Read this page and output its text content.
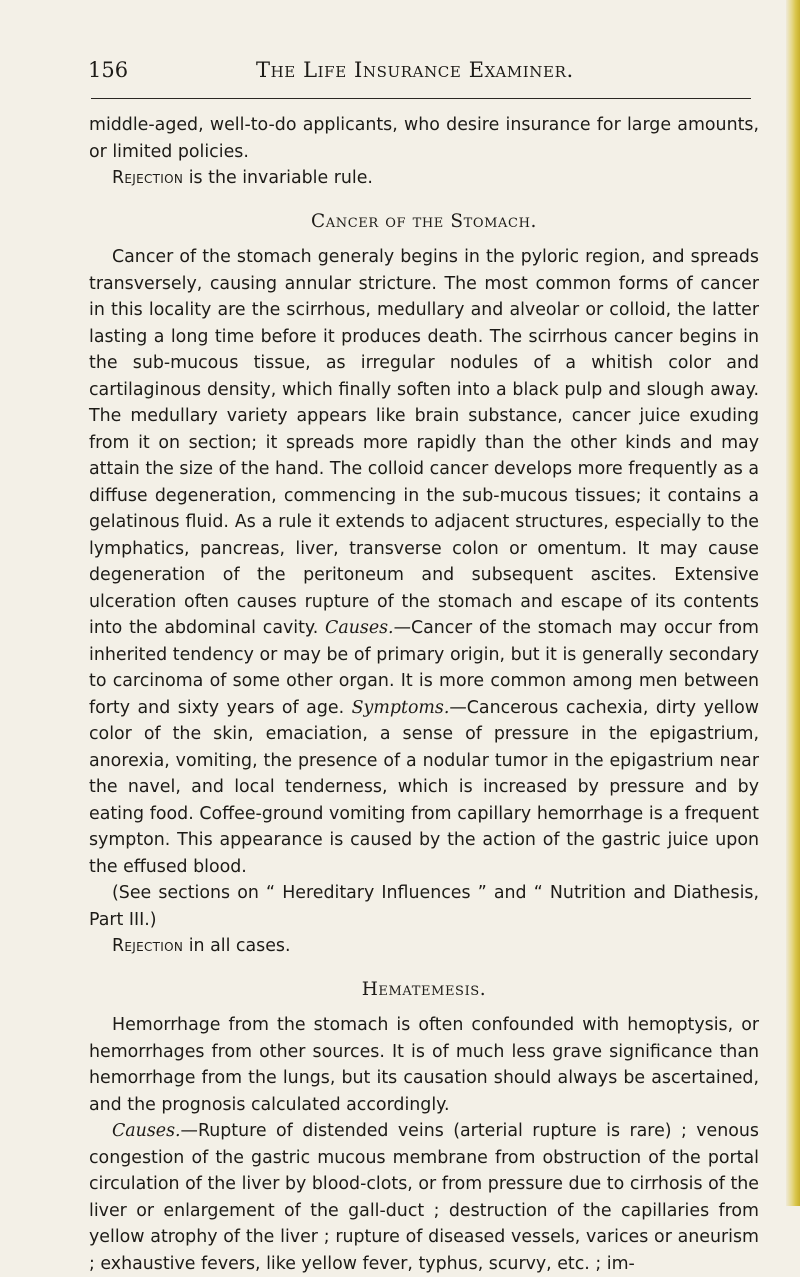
156	The Life Insurance Examiner.

middle-aged, well-to-do applicants, who desire insurance for large amounts, or limited policies.

Rejection is the invariable rule.

Cancer of the Stomach.

Cancer of the stomach generaly begins in the pyloric region, and spreads transversely, causing annular stricture. The most common forms of cancer in this locality are the scirrhous, medullary and alveolar or colloid, the latter lasting a long time before it produces death. The scirrhous cancer begins in the sub-mucous tissue, as irregular nodules of a whitish color and cartilaginous density, which finally soften into a black pulp and slough away. The medullary variety appears like brain substance, cancer juice exuding from it on section; it spreads more rapidly than the other kinds and may attain the size of the hand. The colloid cancer develops more frequently as a diffuse degeneration, commencing in the sub-mucous tissues; it contains a gelatinous fluid. As a rule it extends to adjacent structures, especially to the lymphatics, pancreas, liver, transverse colon or omentum. It may cause degeneration of the peritoneum and subsequent ascites. Extensive ulceration often causes rupture of the stomach and escape of its contents into the abdominal cavity. Causes.—Cancer of the stomach may occur from inherited tendency or may be of primary origin, but it is generally secondary to carcinoma of some other organ. It is more common among men between forty and sixty years of age. Symptoms.—Cancerous cachexia, dirty yellow color of the skin, emaciation, a sense of pressure in the epigastrium, anorexia, vomiting, the presence of a nodular tumor in the epigastrium near the navel, and local tenderness, which is increased by pressure and by eating food. Coffee-ground vomiting from capillary hemorrhage is a frequent sympton. This appearance is caused by the action of the gastric juice upon the effused blood.

(See sections on “ Hereditary Influences ” and “ Nutrition and Diathesis, Part III.)

Rejection in all cases.

Hematemesis.

Hemorrhage from the stomach is often confounded with hemoptysis, or hemorrhages from other sources. It is of much less grave significance than hemorrhage from the lungs, but its causation should always be ascertained, and the prognosis calculated accordingly.

Causes.—Rupture of distended veins (arterial rupture is rare) ; venous congestion of the gastric mucous membrane from obstruction of the portal circulation of the liver by blood-clots, or from pressure due to cirrhosis of the liver or enlargement of the gall-duct ; destruction of the capillaries from yellow atrophy of the liver ; rupture of diseased vessels, varices or aneurism ; exhaustive fevers, like yellow fever, typhus, scurvy, etc. ; im-
